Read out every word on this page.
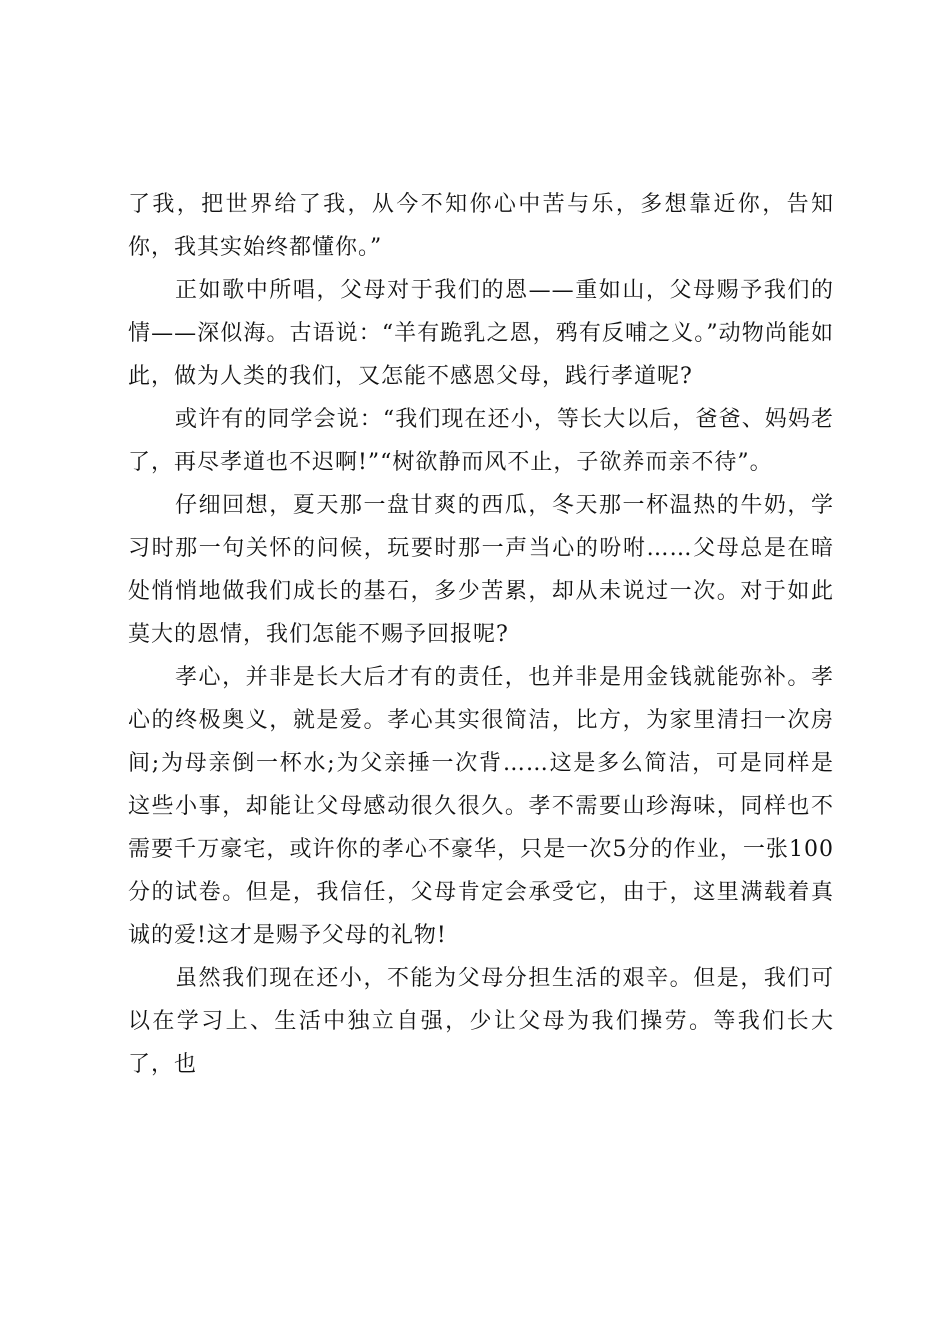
了我，把世界给了我，从今不知你心中苦与乐，多想靠近你，告知你，我其实始终都懂你。”

正如歌中所唱，父母对于我们的恩——重如山，父母赐予我们的情——深似海。古语说：“羊有跪乳之恩，鸦有反哺之义。”动物尚能如此，做为人类的我们，又怎能不感恩父母，践行孝道呢?

或许有的同学会说：“我们现在还小，等长大以后，爸爸、妈妈老了，再尽孝道也不迟啊!”“树欲静而风不止，子欲养而亲不待”。

仔细回想，夏天那一盘甘爽的西瓜，冬天那一杯温热的牛奶，学习时那一句关怀的问候，玩要时那一声当心的吩咐……父母总是在暗处悄悄地做我们成长的基石，多少苦累，却从未说过一次。对于如此莫大的恩情，我们怎能不赐予回报呢?

孝心，并非是长大后才有的责任，也并非是用金钱就能弥补。孝心的终极奥义，就是爱。孝心其实很简洁，比方，为家里清扫一次房间;为母亲倒一杯水;为父亲捶一次背……这是多么简洁，可是同样是这些小事，却能让父母感动很久很久。孝不需要山珍海味，同样也不需要千万豪宅，或许你的孝心不豪华，只是一次5分的作业，一张100分的试卷。但是，我信任，父母肯定会承受它，由于，这里满载着真诚的爱!这才是赐予父母的礼物!

虽然我们现在还小，不能为父母分担生活的艰辛。但是，我们可以在学习上、生活中独立自强，少让父母为我们操劳。等我们长大了，也
